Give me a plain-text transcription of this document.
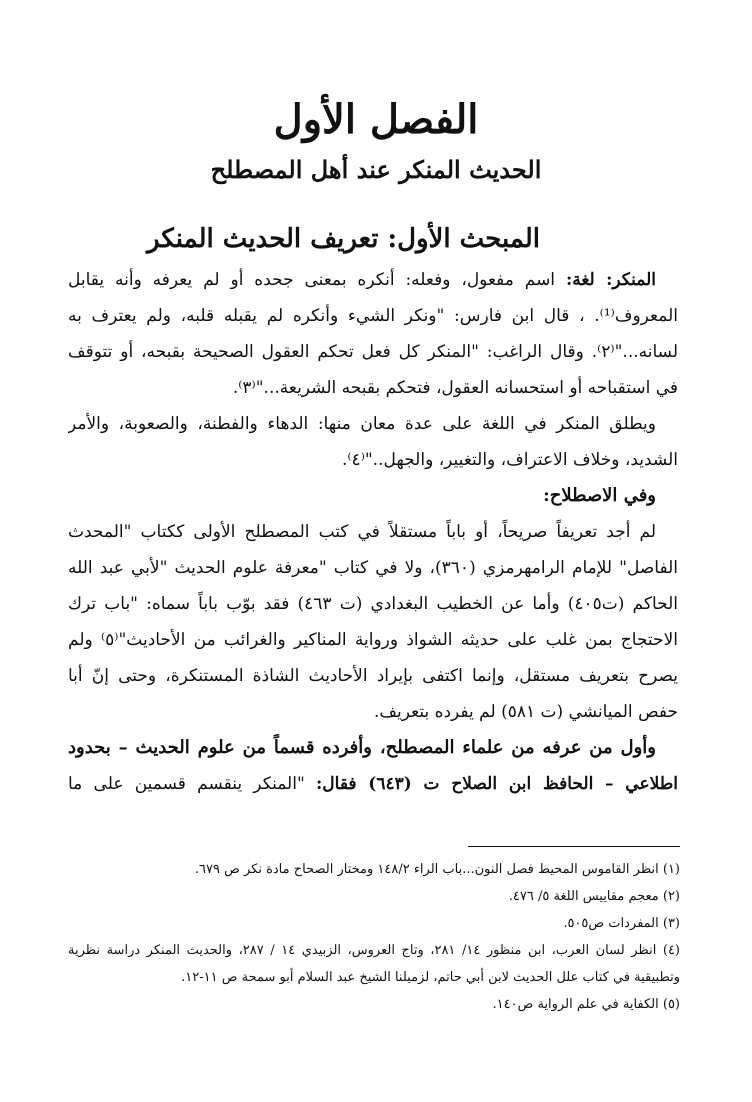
الفصل الأول
الحديث المنكر عند أهل المصطلح
المبحث الأول: تعريف الحديث المنكر
المنكر: لغة: اسم مفعول، وفعله: أنكره بمعنى جحده أو لم يعرفه وأنه يقابل
المعروف⁽¹⁾. ، قال ابن فارس: "ونكر الشيء وأنكره لم يقبله قلبه، ولم يعترف به
لسانه..."⁽٢⁾. وقال الراغب: "المنكر كل فعل تحكم العقول الصحيحة بقبحه، أو تتوقف
في استقباحه أو استحسانه العقول، فتحكم بقبحه الشريعة..."⁽٣⁾.
ويطلق المنكر في اللغة على عدة معان منها: الدهاء والفطنة، والصعوبة، والأمر
الشديد، وخلاف الاعتراف، والتغيير، والجهل.."⁽٤⁾.
وفي الاصطلاح:
لم أجد تعريفاً صريحاً، أو باباً مستقلاً في كتب المصطلح الأولى ككتاب "المحدث
الفاصل" للإمام الرامهرمزي (٣٦٠)، ولا في كتاب "معرفة علوم الحديث "لأبي عبد الله
الحاكم (ت٤٠٥) وأما عن الخطيب البغدادي (ت ٤٦٣) فقد بوّب باباً سماه: "باب ترك
الاحتجاج بمن غلب على حديثه الشواذ ورواية المناكير والغرائب من الأحاديث"⁽٥⁾ ولم
يصرح بتعريف مستقل، وإنما اكتفى بإيراد الأحاديث الشاذة المستنكرة، وحتى إنّ أبا
حفص الميانشي (ت ٥٨١) لم يفرده بتعريف.
وأول من عرفه من علماء المصطلح، وأفرده قسماً من علوم الحديث – بحدود
اطلاعي – الحافظ ابن الصلاح ت (٦٤٣) فقال: "المنكر ينقسم قسمين على ما
(١) انظر القاموس المحيط فصل النون...باب الراء ١٤٨/٢ ومختار الصحاح مادة نكر ص ٦٧٩.
(٢) معجم مقاييس اللغة ٥/ ٤٧٦.
(٣) المفردات ص٥٠٥.
(٤) انظر لسان العرب، ابن منظور ١٤/ ٢٨١، وتاج العروس، الزبيدي ١٤ / ٢٨٧، والحديث المنكر دراسة نظرية وتطبيقية في كتاب علل الحديث لابن أبي حاتم، لزميلنا الشيخ عبد السلام أبو سمحة ص ١١-١٢.
(٥) الكفاية في علم الرواية ص١٤٠.
